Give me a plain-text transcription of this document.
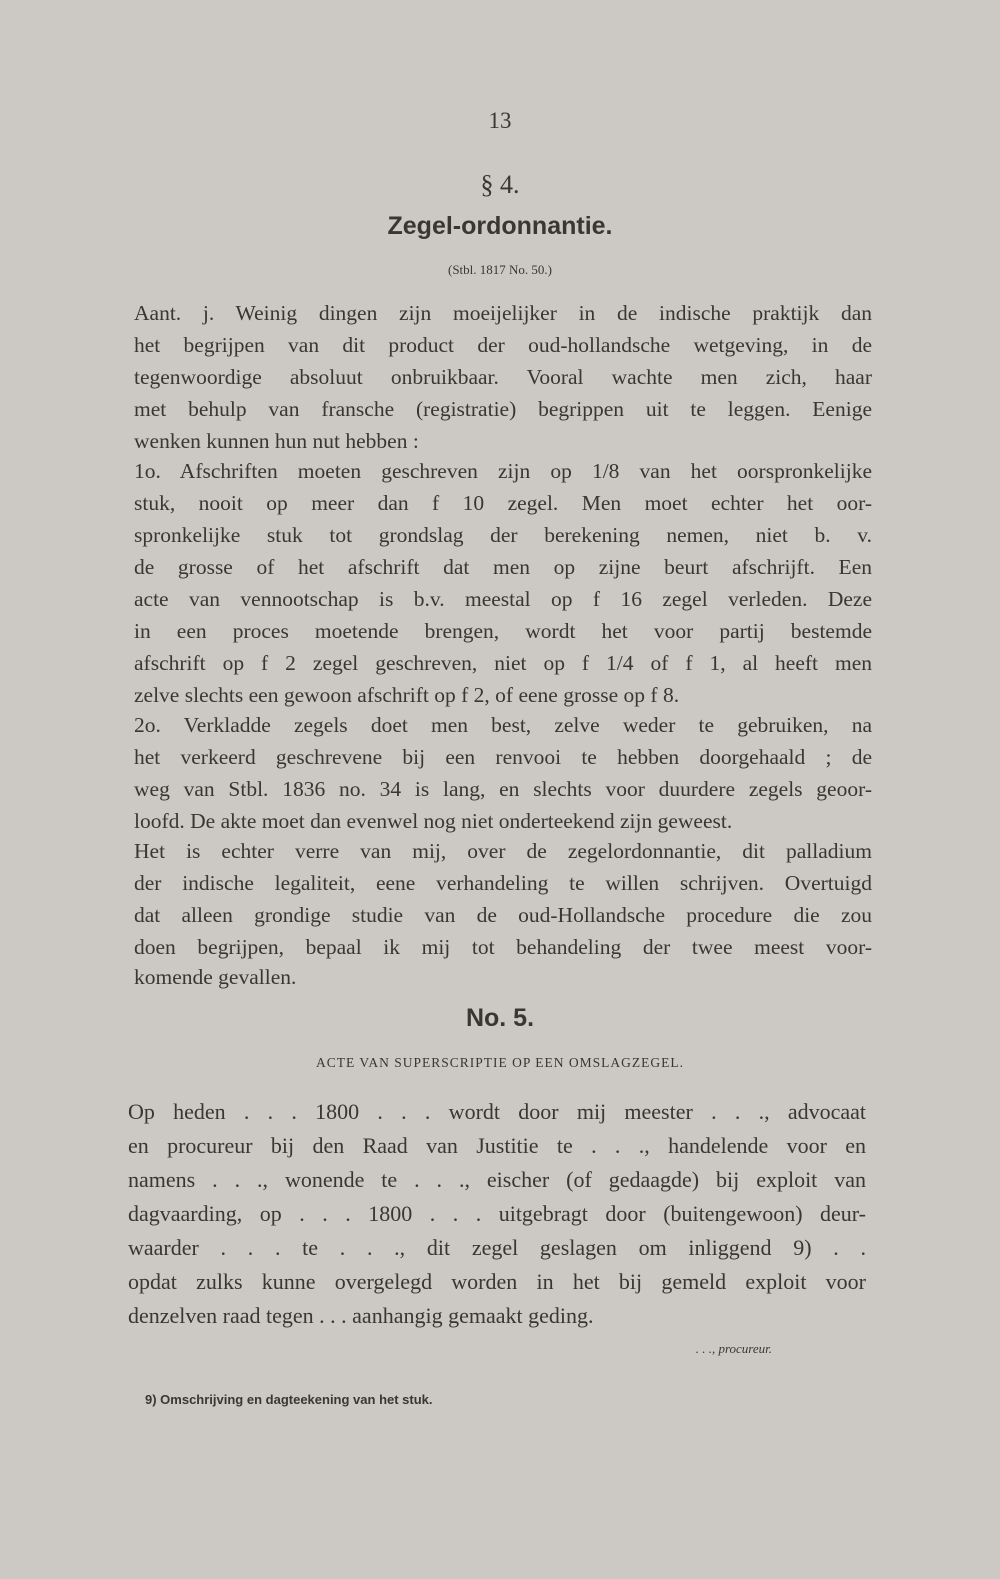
13
§ 4.
Zegel-ordonnantie.
(Stbl. 1817 No. 50.)

Aant. j. Weinig dingen zijn moeijelijker in de indische praktijk dan

het begrijpen van dit product der oud-hollandsche wetgeving, in de

tegenwoordige absoluut onbruikbaar. Vooral wachte men zich, haar

met behulp van fransche (registratie) begrippen uit te leggen. Eenige

wenken kunnen hun nut hebben :

1o. Afschriften moeten geschreven zijn op 1/8 van het oorspronkelijke

stuk, nooit op meer dan f 10 zegel. Men moet echter het oor-

spronkelijke stuk tot grondslag der berekening nemen, niet b. v.

de grosse of het afschrift dat men op zijne beurt afschrijft. Een

acte van vennootschap is b.v. meestal op f 16 zegel verleden. Deze

in een proces moetende brengen, wordt het voor partij bestemde

afschrift op f 2 zegel geschreven, niet op f 1/4 of f 1, al heeft men

zelve slechts een gewoon afschrift op f 2, of eene grosse op f 8.

2o. Verkladde zegels doet men best, zelve weder te gebruiken, na

het verkeerd geschrevene bij een renvooi te hebben doorgehaald ; de

weg van Stbl. 1836 no. 34 is lang, en slechts voor duurdere zegels geoor-

loofd. De akte moet dan evenwel nog niet onderteekend zijn geweest.

Het is echter verre van mij, over de zegelordonnantie, dit palladium

der indische legaliteit, eene verhandeling te willen schrijven. Overtuigd

dat alleen grondige studie van de oud-Hollandsche procedure die zou

doen begrijpen, bepaal ik mij tot behandeling der twee meest voor-

komende gevallen.

No. 5.
ACTE VAN SUPERSCRIPTIE OP EEN OMSLAGZEGEL.

Op heden . . . 1800 . . . wordt door mij meester . . ., advocaat

en procureur bij den Raad van Justitie te . . ., handelende voor en

namens . . ., wonende te . . ., eischer (of gedaagde) bij exploit van

dagvaarding, op . . . 1800 . . . uitgebragt door (buitengewoon) deur-

waarder . . . te . . ., dit zegel geslagen om inliggend 9) . .

opdat zulks kunne overgelegd worden in het bij gemeld exploit voor

denzelven raad tegen . . . aanhangig gemaakt geding.

. . ., procureur.
9) Omschrijving en dagteekening van het stuk.
